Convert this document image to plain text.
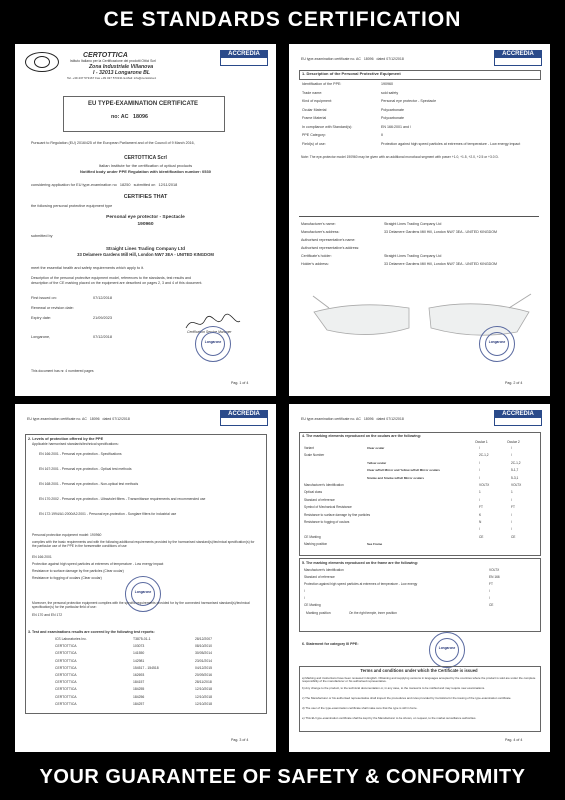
CE STANDARDS CERTIFICATION
ACCREDIA
CERTOTTICA
Istituto Italiano per la Certificazione dei prodotti Ottici Scrl
Zona Industriale Villanova
I - 32013 Longarone BL
Tel. +39 437 573167 Fax +39 437 573131 E-Mail: info@certottica.it
EU TYPE-EXAMINATION CERTIFICATE
no: AC 18096
Pursuant to Regulation (EU) 2016/425 of the European Parliament and of the Council of 9 March 2016,
CERTOTTICA Scrl
Italian Institute for the certification of optical products
Notified body under PPE Regulation with identification number: 0530
considering application for EU type-examination no 18250 submitted on 12/11/2018
CERTIFIES THAT
the following personal protective equipment type
Personal eye protector - Spectacle
190960
submitted by
Straight Lines Trading Company Ltd
33 Delamere Gardens Mill Hill, London NW7 3EA - UNITED KINGDOM
meet the essential health and safety requirements which apply to it.
Description of the personal protective equipment model, references to the standards, test results and
description of the CE marking placed on the equipment are described on pages 2, 3 and 4 of this document.
First issued on:	07/12/2018
Renewal or revision date:
Expiry date:	21/09/2023
Longarone,	07/12/2018
Certification Service Manager
Longarone
This document has nr. 4 numbered pages
Pag. 1 of 4
ACCREDIA
EU type-examination certificate no. AC 18096 dated 07/12/2018
1. Description of the Personal Protective Equipment
Identification of the PPE:	190960
Trade name:	sold safety
Kind of equipment:	Personal eye protector - Spectacle
Ocular Material	Polycarbonate
Frame Material	Polycarbonate
In compliance with Standard(s):	EN 166:2001 and /
PPE Category:	II
Field(s) of use:	Protection against high speed particles at extremes of temperature - Low energy impact
Note: The eye-protector model 190960 may be given with an additional monofocal segment with power +1.0, +1.5, +2.0, +2.5 or +3.0 D.
Manufacturer's name:	Straight Lines Trading Company Ltd
Manufacturer's address:	33 Delamere Gardens Mill Hill, London NW7 3EA - UNITED KINGDOM
Authorised representative's name:
Authorised representative's address:
Certificate's holder:	Straight Lines Trading Company Ltd
Holder's address:	33 Delamere Gardens Mill Hill, London NW7 3EA - UNITED KINGDOM
Longarone
Pag. 2 of 4
ACCREDIA
EU type-examination certificate no. AC 18096 dated 07/12/2018
2. Levels of protection offered by the PPE
Applicable harmonised standards/technical specifications:
EN 166:2001 - Personal eye-protection - Specifications
EN 167:2001 - Personal eye-protection - Optical test methods
EN 168:2001 - Personal eye-protection - Non-optical test methods
EN 170:2002 - Personal eye-protection - Ultraviolet filters - Transmittance requirements and recommended use
EN 172:1994/A1:2000/A2:2001 - Personal eye-protection - Sunglare filters for industrial use
Personal protection equipment model: 190960
complies with the basic requirements and with the following additional requirements provided by the harmonised standard(s)/technical specification(s) for the particular use of the PPE in the foreseeable conditions of use
EN 166:2001
Protection against high speed particles at extremes of temperature - Low energy impact
Resistance to surface damage by fine particles (Clear ocular)
Resistance to fogging of oculars (Clear ocular)
Longarone
Moreover, the personal protection equipment complies with the specific requirements provided for by the connected harmonised standard(s)/technical specification(s) for the particular field of use:
EN 170 and EN 172
3. Test and examinations results are covered by the following test reports:
ICS Laboratories Inc.	T3875-01-1	28/12/2007
CERTOTTICA	103073	08/10/2010
CERTOTTICA	141550	30/05/2014
CERTOTTICA	142981	23/01/2014
CERTOTTICA	154517 - 154518	04/12/2015
CERTOTTICA	162693	20/09/2016
CERTOTTICA	184157	28/11/2018
CERTOTTICA	184255	12/10/2018
CERTOTTICA	184256	12/10/2018
CERTOTTICA	184257	12/10/2018
Pag. 3 of 4
ACCREDIA
EU type-examination certificate no. AC 18096 dated 07/12/2018
4. The marking elements reproduced on the oculars are the following:
Ocular 1	Ocular 2
Variant	Clear ocular	/	/
Scale Number	2C-1,2	/
Yellow ocular	/	2C-1,2
Clear w/Full Mirror and Yellow w/Full Mirror oculars	/	5-1,7
Smoke and Smoke w/Full Mirror oculars	/	5-3,1
Manufacturer's Identification	VOLTX	VOLTX
Optical class	1	1
Standard of reference	/	/
Symbol of Mechanical Resistance	FT	FT
Resistance to surface damage by fine particles	K	/
Resistance to fogging of oculars	N	/
/	/
CE Marking	CE	CE
Marking position	See Frame
5. The marking elements reproduced on the frame are the following:
Manufacturer's Identification	VOLTX
Standard of reference	EN 166
Protection against high speed particles at extremes of temperature - Low energy	FT
/	/
/	/
CE Marking	CE
Marking position	On the right temple, inner position
Longarone
6. Statement for category III PPE:
Terms and conditions under which the Certificate is issued
a) Marking and instructions have been reviewed in English. Obtaining and supplying versions in languages accepted by the countries where the product is sold are under the complete responsibility of the manufacturer or his authorised representative.
b) Any change to the product, to the technical documentation or, in any case, to the manual is to be notified and may require new examinations.
c) The Manufacturer or his authorised representative shall inspect the procedures and rules provided by Certottica for the issuing of the type-examination certificate.
d) The user of the type-examination certificate shall make sure that the type is still in force.
e) This EU type-examination certificate shall be kept by the Manufacturer to be shown, on request, to the market surveillance authorities.
Pag. 4 of 4
YOUR GUARANTEE OF SAFETY & CONFORMITY
